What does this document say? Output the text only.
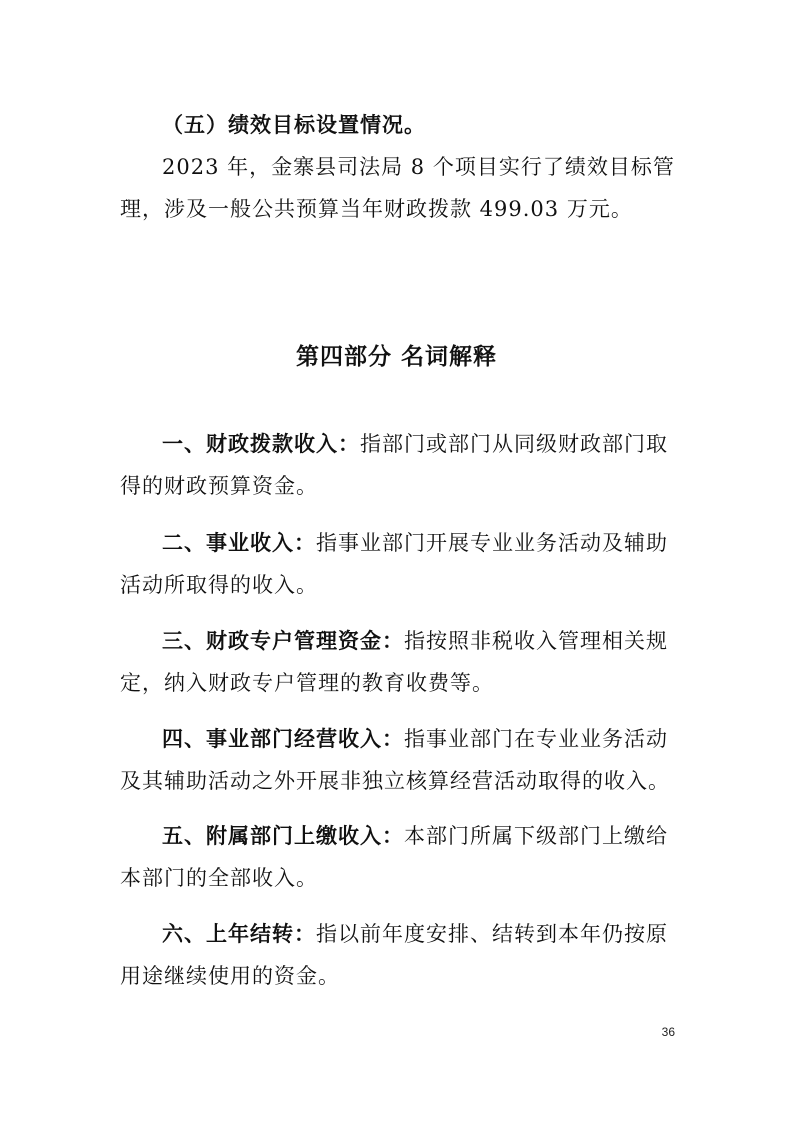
（五）绩效目标设置情况。

2023 年，金寨县司法局 8 个项目实行了绩效目标管理，涉及一般公共预算当年财政拨款 499.03 万元。

第四部分 名词解释

一、财政拨款收入：指部门或部门从同级财政部门取得的财政预算资金。

二、事业收入：指事业部门开展专业业务活动及辅助活动所取得的收入。

三、财政专户管理资金：指按照非税收入管理相关规定，纳入财政专户管理的教育收费等。

四、事业部门经营收入：指事业部门在专业业务活动及其辅助活动之外开展非独立核算经营活动取得的收入。

五、附属部门上缴收入：本部门所属下级部门上缴给本部门的全部收入。

六、上年结转：指以前年度安排、结转到本年仍按原用途继续使用的资金。

36
